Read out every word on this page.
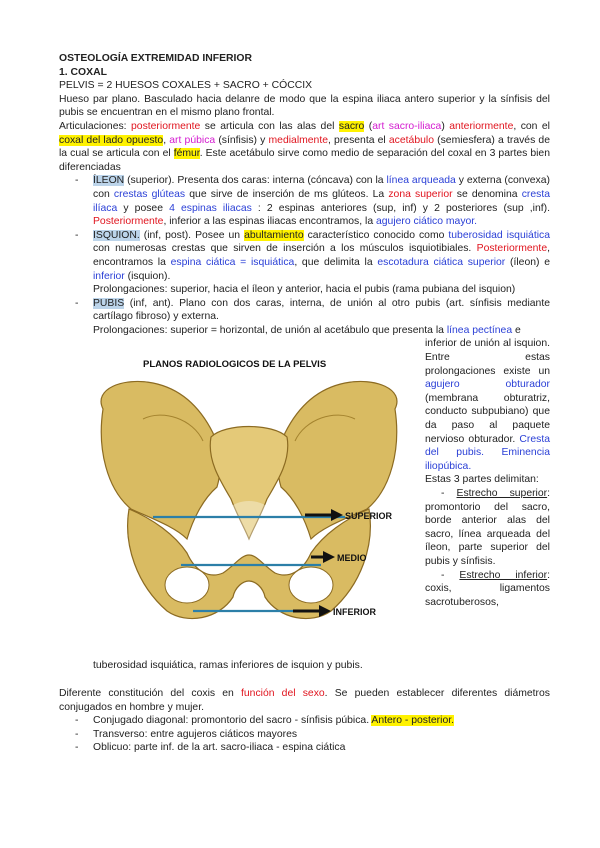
OSTEOLOGÍA EXTREMIDAD INFERIOR
1. COXAL
PELVIS = 2 HUESOS COXALES + SACRO + CÓCCIX

Hueso par plano. Basculado hacia delanre de modo que la espina iliaca antero superior y la sínfisis del pubis se encuentran en el mismo plano frontal.

Articulaciones: posteriormente se articula con las alas del sacro (art sacro-iliaca) anteriormente, con el coxal del lado opuesto, art púbica (sínfisis) y medialmente, presenta el acetábulo (semiesfera) a través de la cual se articula con el fémur. Este acetábulo sirve como medio de separación del coxal en 3 partes bien diferenciadas

- ÍLEON (superior). Presenta dos caras: interna (cóncava) con la línea arqueada y externa (convexa) con crestas glúteas que sirve de inserción de ms glúteos. La zona superior se denomina cresta ilíaca y posee 4 espinas iliacas : 2 espinas anteriores (sup, inf) y 2 posteriores (sup ,inf). Posteriormente, inferior a las espinas iliacas encontramos, la agujero ciático mayor.

- ISQUION. (inf, post). Posee un abultamiento característico conocido como tuberosidad isquiática con numerosas crestas que sirven de inserción a los músculos isquiotibiales. Posteriormente, encontramos la espina ciática = isquiática, que delimita la escotadura ciática superior (íleon) e inferior (isquion).

Prolongaciones: superior, hacia el íleon y anterior, hacia el pubis (rama pubiana del isquion)

- PUBIS (inf, ant). Plano con dos caras, interna, de unión al otro pubis (art. sínfisis mediante cartílago fibroso) y externa.

Prolongaciones: superior = horizontal, de unión al acetábulo que presenta la línea pectínea e

PLANOS RADIOLOGICOS DE LA PELVIS
SUPERIOR
MEDIO
INFERIOR
inferior de unión al isquion. Entre estas prolongaciones existe un agujero obturador (membrana obturatriz, conducto subpubiano) que da paso al paquete nervioso obturador. Cresta del pubis. Eminencia iliopúbica.
Estas 3 partes delimitan:
- Estrecho superior: promontorio del sacro, borde anterior alas del sacro, línea arqueada del íleon, parte superior del pubis y sínfisis.
- Estrecho inferior: coxis, ligamentos sacrotuberosos,

tuberosidad isquiática, ramas inferiores de isquion y pubis.

Diferente constitución del coxis en función del sexo. Se pueden establecer diferentes diámetros conjugados en hombre y mujer.

- Conjugado diagonal: promontorio del sacro - sínfisis púbica. Antero - posterior.

- Transverso: entre agujeros ciáticos mayores

- Oblicuo: parte inf. de la art. sacro-iliaca - espina ciática
